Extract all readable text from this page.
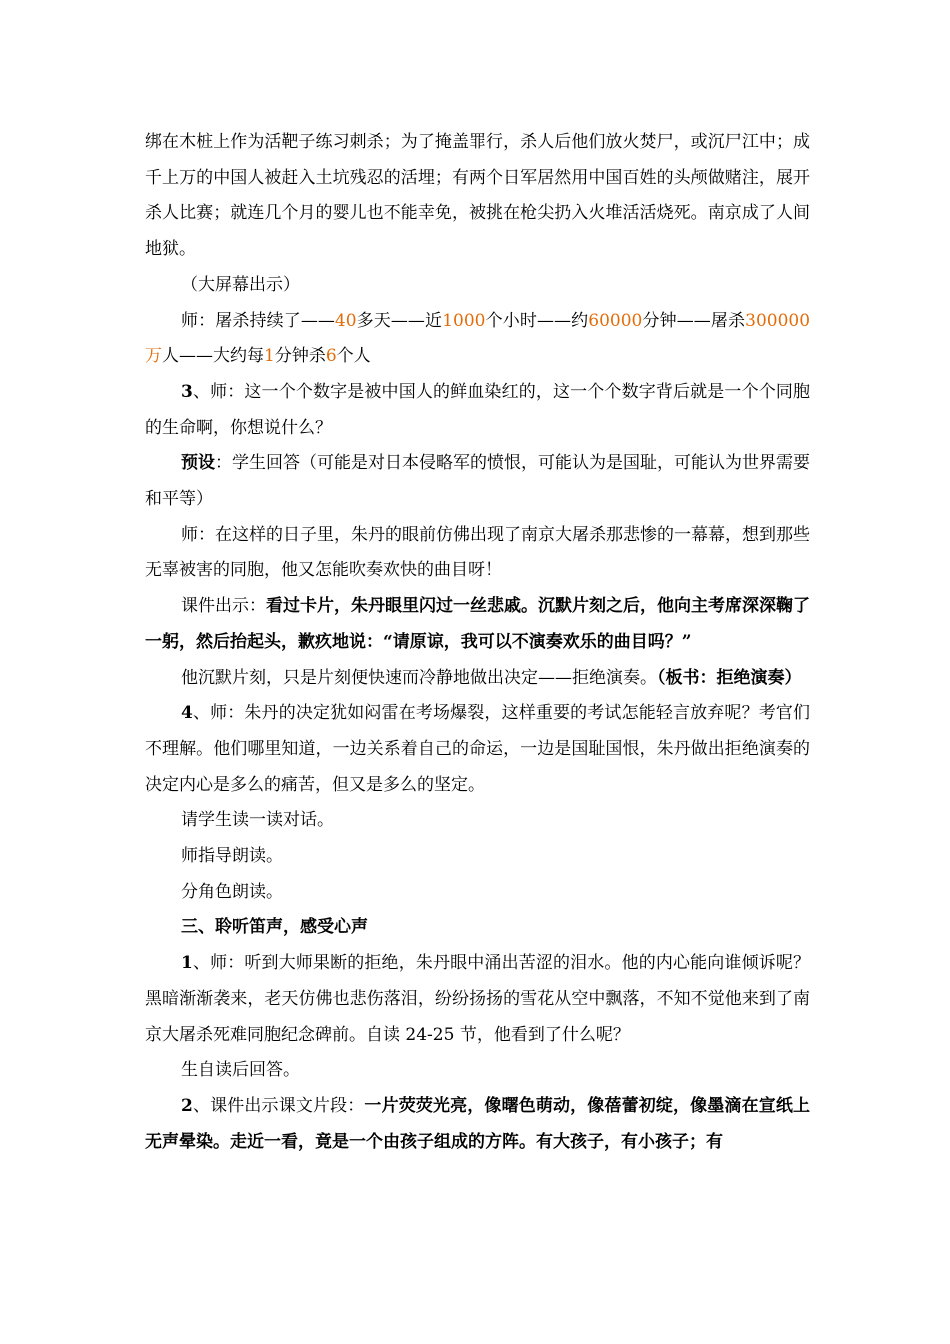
绑在木桩上作为活靶子练习刺杀；为了掩盖罪行，杀人后他们放火焚尸，或沉尸江中；成千上万的中国人被赶入土坑残忍的活埋；有两个日军居然用中国百姓的头颅做赌注，展开杀人比赛；就连几个月的婴儿也不能幸免，被挑在枪尖扔入火堆活活烧死。南京成了人间地狱。

（大屏幕出示）

师：屠杀持续了——40多天——近1000个小时——约60000分钟——屠杀300000 万人——大约每1分钟杀6个人

3、师：这一个个数字是被中国人的鲜血染红的，这一个个数字背后就是一个个同胞的生命啊，你想说什么？

预设：学生回答（可能是对日本侵略军的愤恨，可能认为是国耻，可能认为世界需要和平等）

师：在这样的日子里，朱丹的眼前仿佛出现了南京大屠杀那悲惨的一幕幕，想到那些无辜被害的同胞，他又怎能吹奏欢快的曲目呀！

课件出示：看过卡片，朱丹眼里闪过一丝悲戚。沉默片刻之后，他向主考席深深鞠了一躬，然后抬起头，歉疚地说：“请原谅，我可以不演奏欢乐的曲目吗？”

他沉默片刻，只是片刻便快速而冷静地做出决定——拒绝演奏。（板书：拒绝演奏）

4、师：朱丹的决定犹如闷雷在考场爆裂，这样重要的考试怎能轻言放弃呢？考官们不理解。他们哪里知道，一边关系着自己的命运，一边是国耻国恨，朱丹做出拒绝演奏的决定内心是多么的痛苦，但又是多么的坚定。

请学生读一读对话。

师指导朗读。

分角色朗读。

三、聆听笛声，感受心声

1、师：听到大师果断的拒绝，朱丹眼中涌出苦涩的泪水。他的内心能向谁倾诉呢？黑暗渐渐袭来，老天仿佛也悲伤落泪，纷纷扬扬的雪花从空中飘落，不知不觉他来到了南京大屠杀死难同胞纪念碑前。自读 24-25 节，他看到了什么呢？

生自读后回答。

2、课件出示课文片段：一片荧荧光亮，像曙色萌动，像蓓蕾初绽，像墨滴在宣纸上无声晕染。走近一看，竟是一个由孩子组成的方阵。有大孩子，有小孩子；有
